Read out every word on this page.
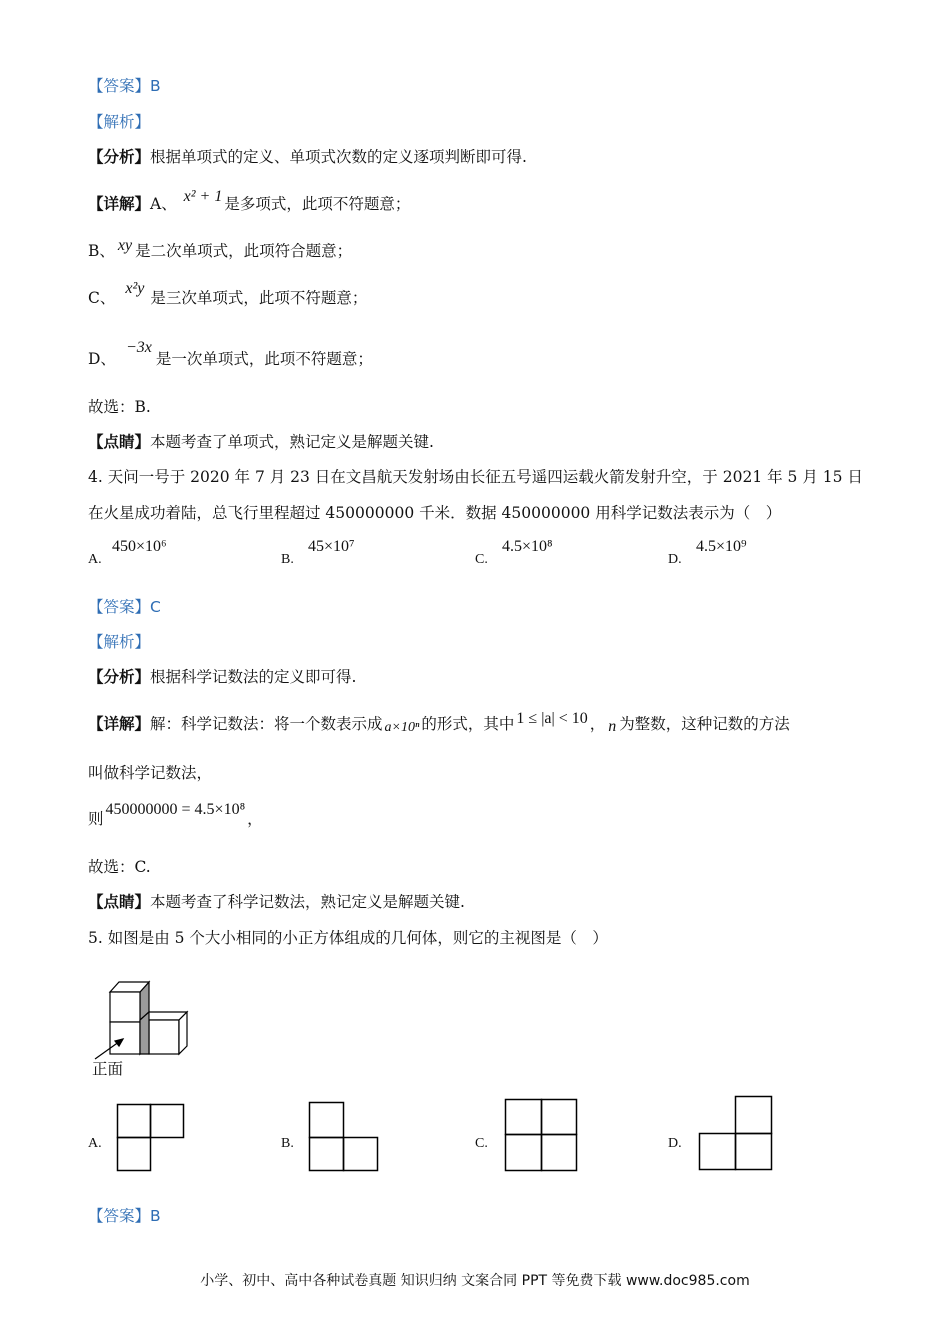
【答案】B
【解析】
【分析】根据单项式的定义、单项式次数的定义逐项判断即可得.
【详解】A、 x² + 1 是多项式，此项不符题意；
B、 xy 是二次单项式，此项符合题意；
C、x²y是三次单项式，此项不符题意；
D、−3x是一次单项式，此项不符题意；
故选：B.
【点睛】本题考查了单项式，熟记定义是解题关键.
4. 天问一号于 2020 年 7 月 23 日在文昌航天发射场由长征五号遥四运载火箭发射升空，于 2021 年 5 月 15 日
在火星成功着陆，总飞行里程超过 450000000 千米．数据 450000000 用科学记数法表示为（　）
A.
450×10⁶
B.
45×10⁷
C.
4.5×10⁸
D.
4.5×10⁹
【答案】C
【解析】
【分析】根据科学记数法的定义即可得.
【详解】解：科学记数法：将一个数表示成 a×10ⁿ 的形式，其中 1 ≤ |a| < 10 ， n 为整数，这种记数的方法
叫做科学记数法，
则450000000 = 4.5×10⁸，
故选：C.
【点睛】本题考查了科学记数法，熟记定义是解题关键.
5. 如图是由 5 个大小相同的小正方体组成的几何体，则它的主视图是（　）
正面
A.	B.	C.	D.
【答案】B
小学、初中、高中各种试卷真题 知识归纳 文案合同 PPT 等免费下载 www.doc985.com
